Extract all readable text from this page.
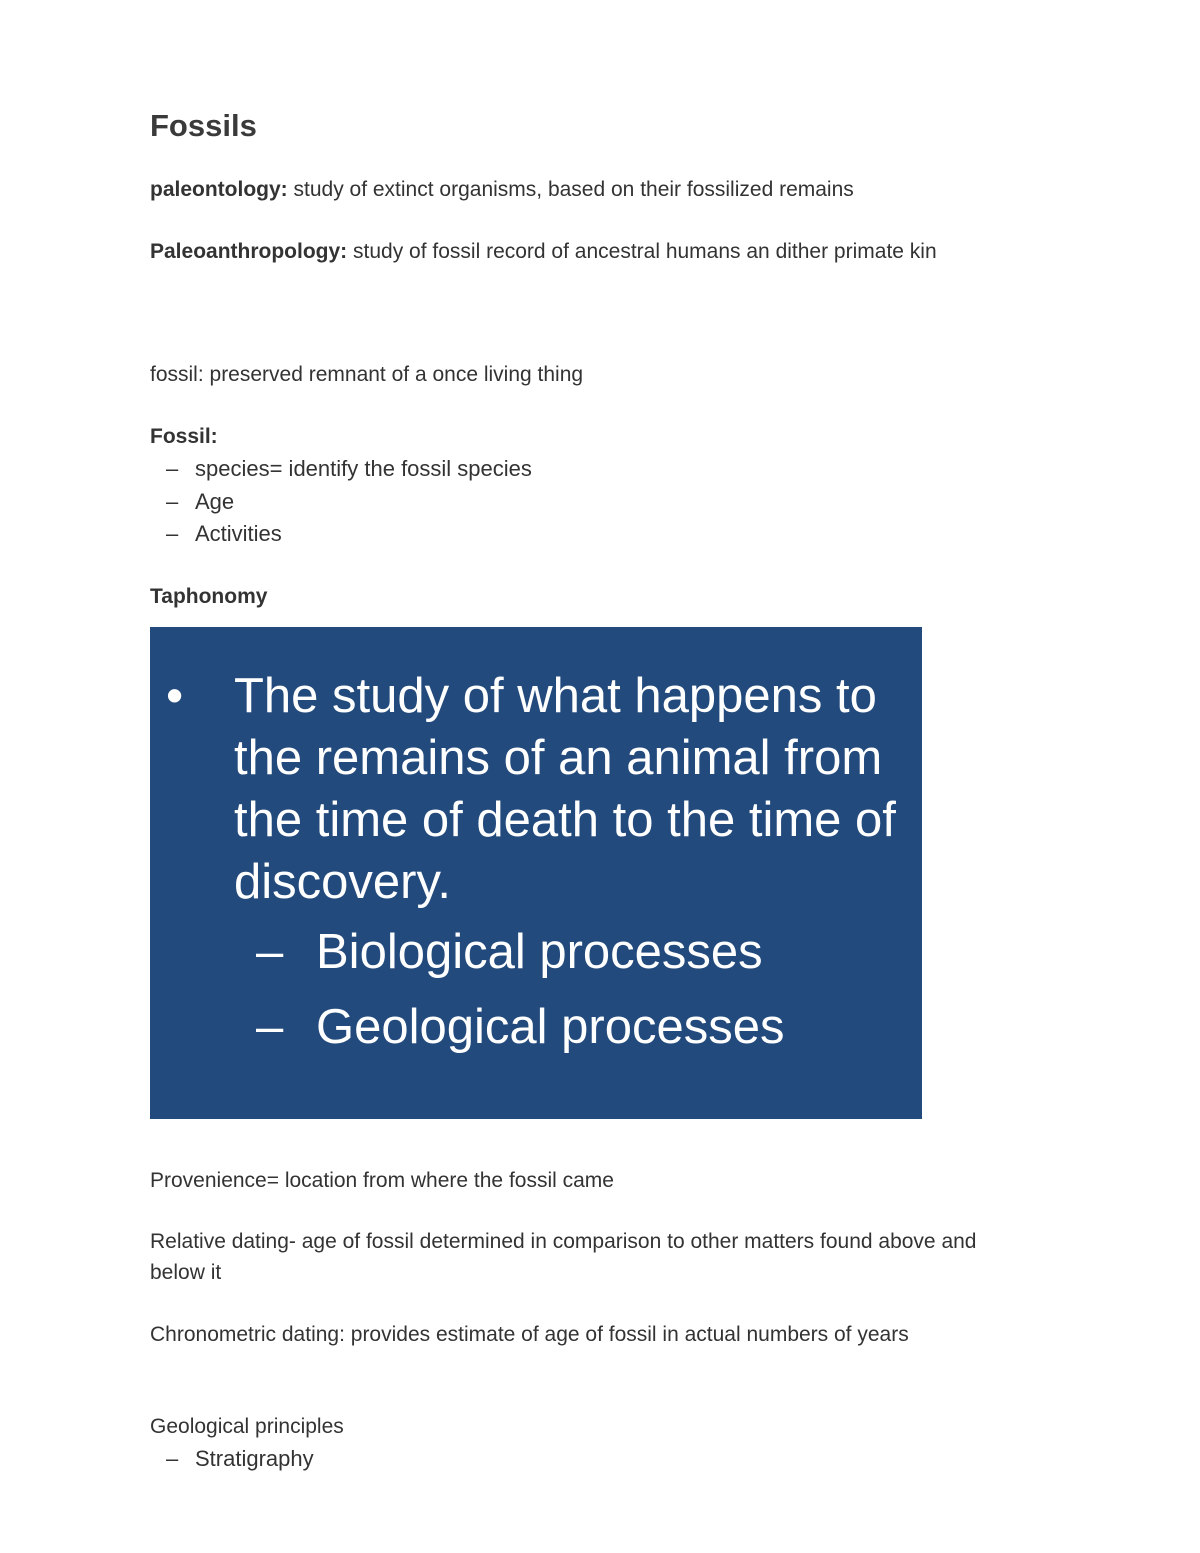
Fossils

paleontology: study of extinct organisms, based on their fossilized remains

Paleoanthropology: study of fossil record of ancestral humans an dither primate kin

fossil: preserved remnant of a once living thing

Fossil:

– species= identify the fossil species
– Age
– Activities

Taphonomy

• The study of what happens to the remains of an animal from the time of death to the time of discovery.
– Biological processes
– Geological processes

Provenience= location from where the fossil came

Relative dating- age of fossil determined in comparison to other matters found above and below it

Chronometric dating: provides estimate of age of fossil in actual numbers of years

Geological principles

– Stratigraphy
